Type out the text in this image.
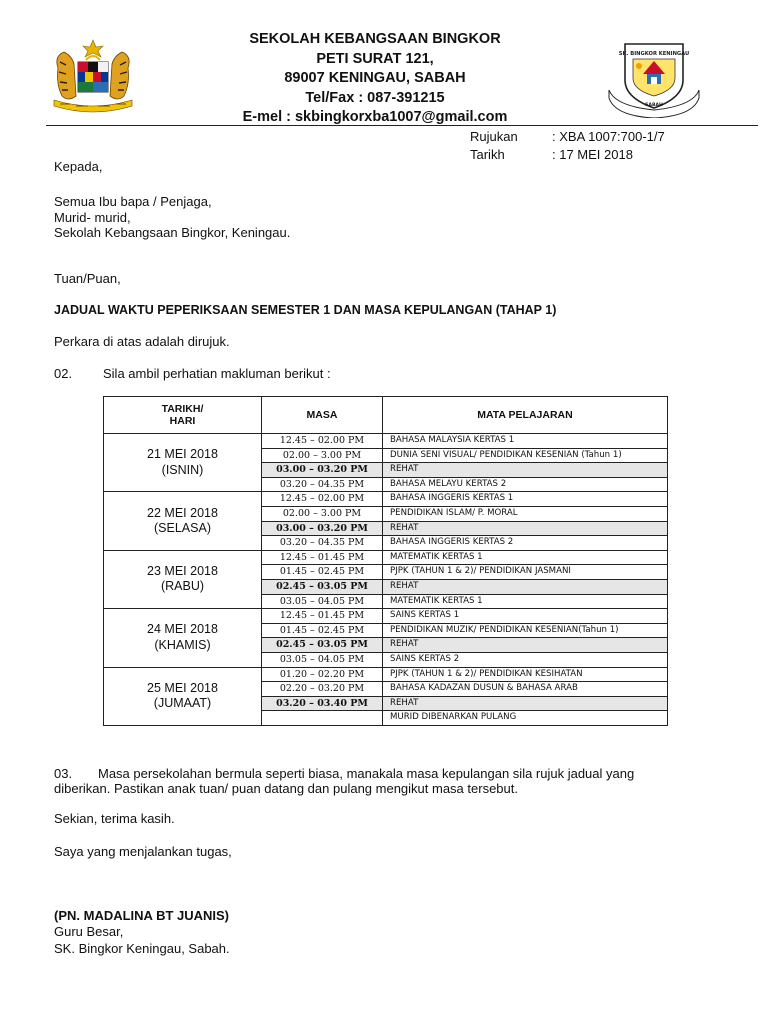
SK. BINGKOR KENINGAU
SABAH
SEKOLAH KEBANGSAAN BINGKOR
PETI SURAT 121,
89007 KENINGAU, SABAH
Tel/Fax : 087-391215
E-mel : skbingkorxba1007@gmail.com
Rujukan	: XBA 1007:700-1/7
Tarikh	: 17 MEI 2018
Kepada,
Semua Ibu bapa / Penjaga,
Murid- murid,
Sekolah Kebangsaan Bingkor, Keningau.
Tuan/Puan,
JADUAL WAKTU PEPERIKSAAN SEMESTER 1 DAN MASA KEPULANGAN (TAHAP 1)
Perkara di atas adalah dirujuk.
02. Sila ambil perhatian makluman berikut :
TARIKH/
HARI	MASA	MATA PELAJARAN

21 MEI 2018
(ISNIN)	12.45 – 02.00 PM	BAHASA MALAYSIA KERTAS 1
	02.00 – 3.00 PM	DUNIA SENI VISUAL/ PENDIDIKAN KESENIAN (Tahun 1)
	03.00 – 03.20 PM	REHAT
	03.20 – 04.35 PM	BAHASA MELAYU KERTAS 2

22 MEI 2018
(SELASA)	12.45 – 02.00 PM	BAHASA INGGERIS KERTAS 1
	02.00 – 3.00 PM	PENDIDIKAN ISLAM/ P. MORAL
	03.00 – 03.20 PM	REHAT
	03.20 – 04.35 PM	BAHASA INGGERIS KERTAS 2

23 MEI 2018
(RABU)	12.45 – 01.45 PM	MATEMATIK KERTAS 1
	01.45 – 02.45 PM	PJPK (TAHUN 1 & 2)/ PENDIDIKAN JASMANI
	02.45 – 03.05 PM	REHAT
	03.05 – 04.05 PM	MATEMATIK KERTAS 1

24 MEI 2018
(KHAMIS)	12.45 – 01.45 PM	SAINS KERTAS 1
	01.45 – 02.45 PM	PENDIDIKAN MUZIK/ PENDIDIKAN KESENIAN(Tahun 1)
	02.45 – 03.05 PM	REHAT
	03.05 – 04.05 PM	SAINS KERTAS 2

25 MEI 2018
(JUMAAT)	01.20 – 02.20 PM	PJPK (TAHUN 1 & 2)/ PENDIDIKAN KESIHATAN
	02.20 – 03.20 PM	BAHASA KADAZAN DUSUN & BAHASA ARAB
	03.20 – 03.40 PM	REHAT
		MURID DIBENARKAN PULANG
03. Masa persekolahan bermula seperti biasa, manakala masa kepulangan sila rujuk jadual yang
diberikan. Pastikan anak tuan/ puan datang dan pulang mengikut masa tersebut.
Sekian, terima kasih.
Saya yang menjalankan tugas,
(PN. MADALINA BT JUANIS)
Guru Besar,
SK. Bingkor Keningau, Sabah.
